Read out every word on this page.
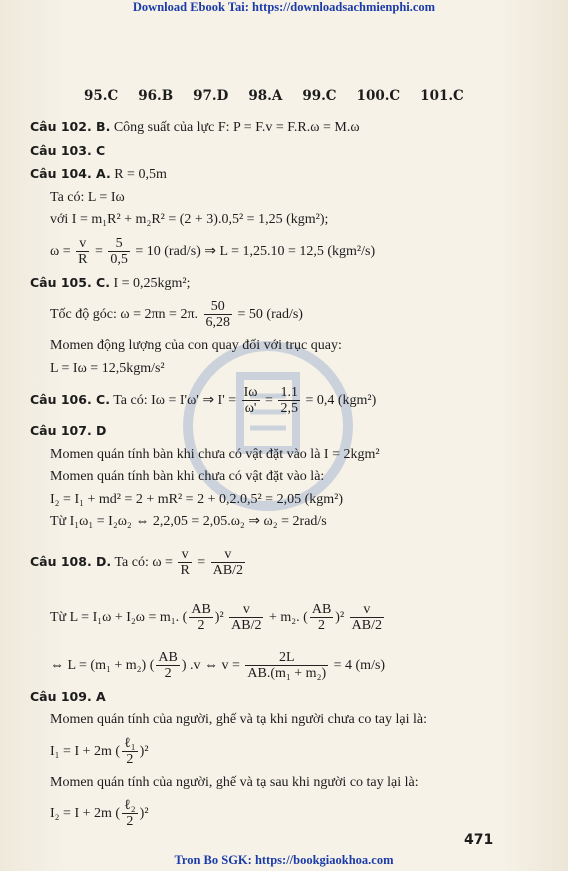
Download Ebook Tai: https://downloadsachmienphi.com
95.C 96.B 97.D 98.A 99.C 100.C 101.C
Câu 102. B. Công suất của lực F: P = F.v = F.R.ω = M.ω
Câu 103. C
Câu 104. A. R = 0,5m
Ta có: L = Iω
với I = m₁R² + m₂R² = (2 + 3).0,5² = 1,25 (kgm²);
$\omega = \frac{v}{R} = \frac{5}{0,5} = 10$ (rad/s) ⇒ L = 1,25.10 = 12,5 (kgm²/s)
Câu 105. C. I = 0,25kgm²;
Tốc độ góc: ω = 2πn = 2π. $\frac{50}{6,28} = 50$ (rad/s)
Momen động lượng của con quay đối với trục quay:
L = Iω = 12,5kgm/s²
Câu 106. C. Ta có: Iω = I'ω' ⇒ $I' = \frac{I\omega}{\omega'} = \frac{1.1}{2,5} = 0,4$ (kgm²)
Câu 107. D
Momen quán tính bàn khi chưa có vật đặt vào là I = 2kgm²
Momen quán tính bàn khi chưa có vật đặt vào là:
I₂ = I₁ + md² = 2 + mR² = 2 + 0,2.0,5² = 2,05 (kgm²)
Từ I₁ω₁ = I₂ω₂ ⇔ 2,2,05 = 2,05.ω₂ ⇒ ω₂ = 2rad/s
Câu 108. D. Ta có: $\omega = \frac{v}{R} = \frac{v}{AB/2}$
Từ L = I₁ω + I₂ω = m₁. ( $\frac{AB}{2} )^2 \frac{v}{AB/2} + m_2$. ( $\frac{AB}{2} )^2 \frac{v}{AB/2}$
⇔ L = (m₁ + m₂) ( $\frac{AB}{2}$ ) .v ⇔ $v = \frac{2L}{\text{AB.(m₁ + m₂)}} = 4$ (m/s)
Câu 109. A
Momen quán tính của người, ghế và tạ khi người chưa co tay lại là:
I₁ = I + 2m ( $\frac{\text{ℓ₁}}{2} )^2$
Momen quán tính của người, ghế và tạ sau khi người co tay lại là:
I₂ = I + 2m ( $\frac{\text{ℓ₂}}{2} )^2$
471
Tron Bo SGK: https://bookgiaokhoa.com
